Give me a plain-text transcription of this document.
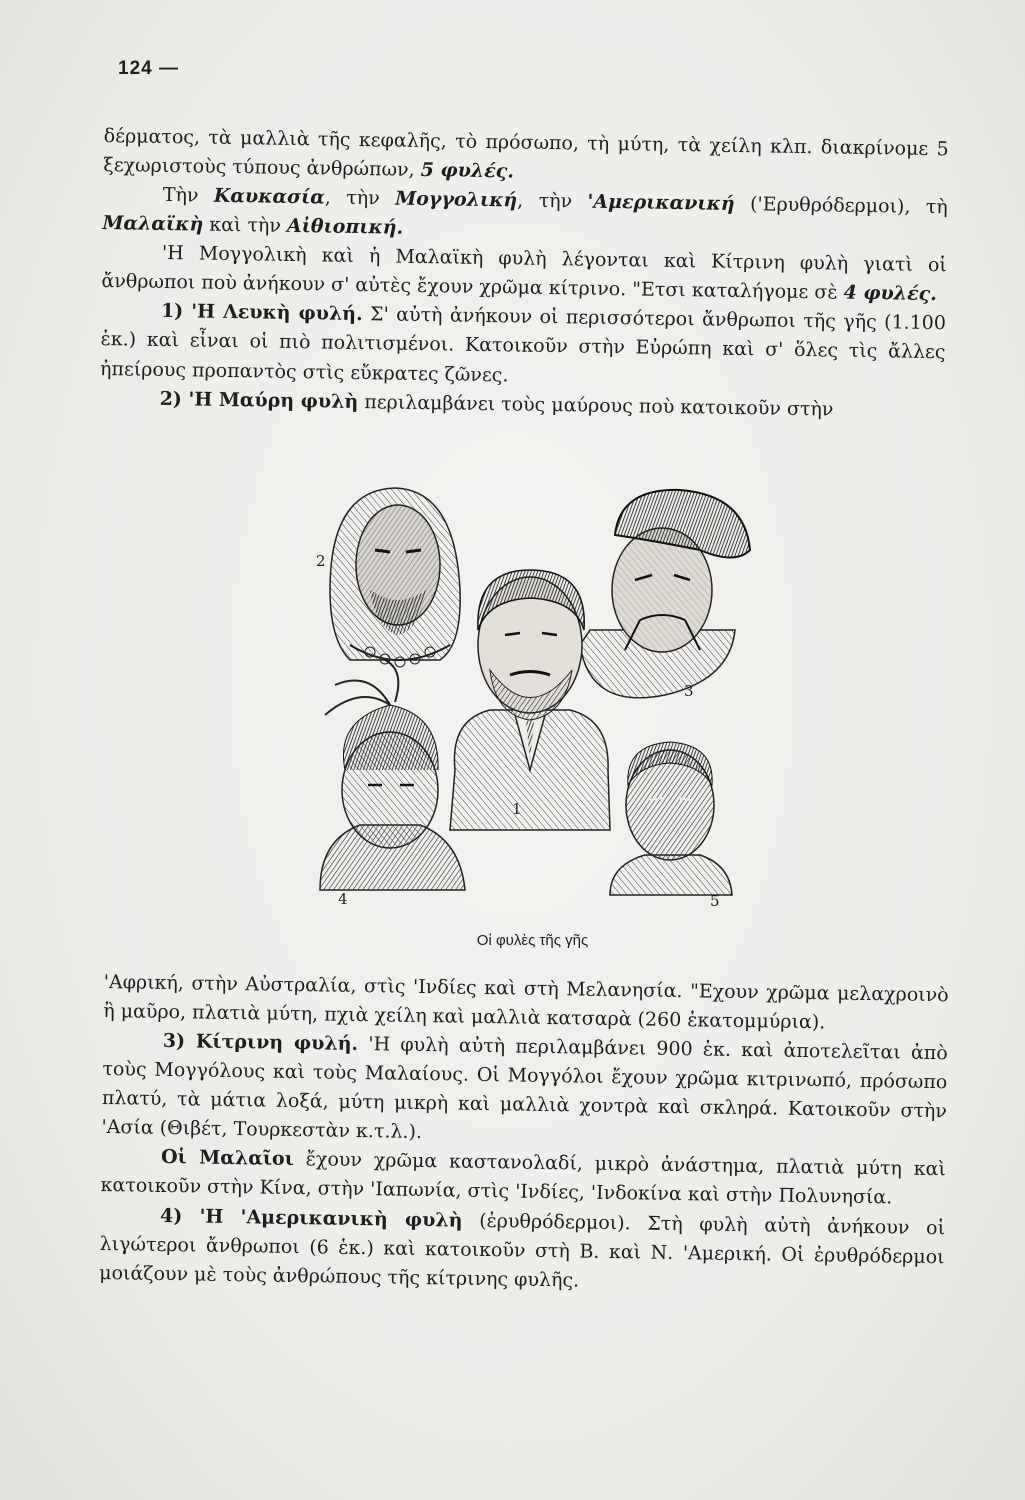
124 —

δέρματος, τὰ μαλλιὰ τῆς κεφαλῆς, τὸ πρόσωπο, τὴ μύτη, τὰ χείλη κλπ. διακρίνομε 5 ξεχωριστοὺς τύπους ἀνθρώπων, 5 φυλές.

Τὴν Καυκασία, τὴν Μογγολική, τὴν 'Αμερικανική ('Ερυθρόδερμοι), τὴ Μαλαϊκὴ καὶ τὴν Αἰθιοπική.

'Η Μογγολικὴ καὶ ἡ Μαλαϊκὴ φυλὴ λέγονται καὶ Κίτρινη φυλὴ γιατὶ οἱ ἄνθρωποι ποὺ ἀνήκουν σ' αὐτὲς ἔχουν χρῶμα κίτρινο. "Ετσι καταλήγομε σὲ 4 φυλές.

1) 'Η Λευκὴ φυλή. Σ' αὐτὴ ἀνήκουν οἱ περισσότεροι ἄνθρωποι τῆς γῆς (1.100 ἑκ.) καὶ εἶναι οἱ πιὸ πολιτισμένοι. Κατοικοῦν στὴν Εὐρώπη καὶ σ' ὅλες τὶς ἄλλες ἠπείρους προπαντὸς στὶς εὔκρατες ζῶνες.

2) 'Η Μαύρη φυλὴ περιλαμβάνει τοὺς μαύρους ποὺ κατοικοῦν στὴν

2
3
1
4	5
Οἱ φυλὲς τῆς γῆς

'Αφρική, στὴν Αὐστραλία, στὶς 'Ινδίες καὶ στὴ Μελανησία. "Εχουν χρῶμα μελαχροινὸ ἢ μαῦρο, πλατιὰ μύτη, πχιὰ χείλη καὶ μαλλιὰ κατσαρὰ (260 ἑκατομμύρια).

3) Κίτρινη φυλή. 'Η φυλὴ αὐτὴ περιλαμβάνει 900 ἑκ. καὶ ἀποτελεῖται ἀπὸ τοὺς Μογγόλους καὶ τοὺς Μαλαίους. Οἱ Μογγόλοι ἔχουν χρῶμα κιτρινωπό, πρόσωπο πλατύ, τὰ μάτια λοξά, μύτη μικρὴ καὶ μαλλιὰ χοντρὰ καὶ σκληρά. Κατοικοῦν στὴν 'Ασία (Θιβέτ, Τουρκεστὰν κ.τ.λ.).

Οἱ Μαλαῖοι ἔχουν χρῶμα καστανολαδί, μικρὸ ἀνάστημα, πλατιὰ μύτη καὶ κατοικοῦν στὴν Κίνα, στὴν 'Ιαπωνία, στὶς 'Ινδίες, 'Ινδοκίνα καὶ στὴν Πολυνησία.

4) 'Η 'Αμερικανικὴ φυλὴ (ἐρυθρόδερμοι). Στὴ φυλὴ αὐτὴ ἀνήκουν οἱ λιγώτεροι ἄνθρωποι (6 ἑκ.) καὶ κατοικοῦν στὴ Β. καὶ Ν. 'Αμερική. Οἱ ἐρυθρόδερμοι μοιάζουν μὲ τοὺς ἀνθρώπους τῆς κίτρινης φυλῆς.
